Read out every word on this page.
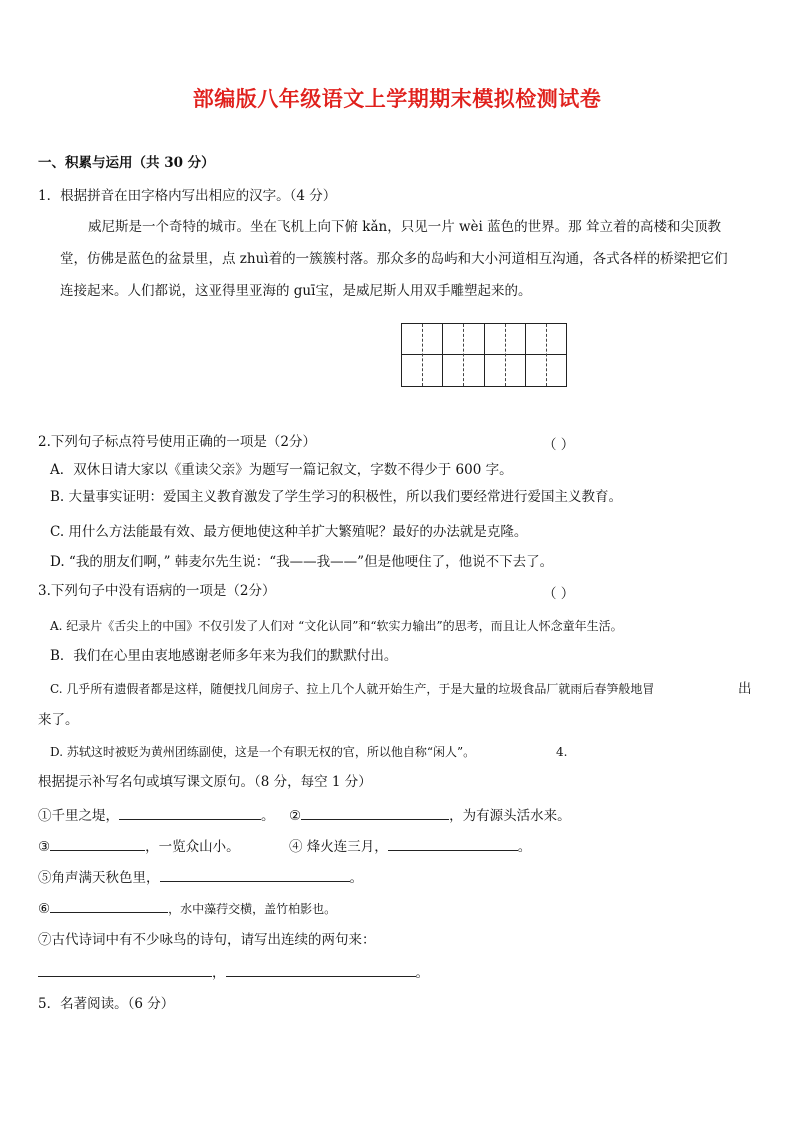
部编版八年级语文上学期期末模拟检测试卷
一、积累与运用（共 30 分）
1．根据拼音在田字格内写出相应的汉字。（4 分）
威尼斯是一个奇特的城市。坐在飞机上向下俯 kǎn，只见一片 wèi 蓝色的世界。那 耸立着的高楼和尖顶教
堂，仿佛是蓝色的盆景里，点 zhuì着的一簇簇村落。那众多的岛屿和大小河道相互沟通，各式各样的桥梁把它们
连接起来。人们都说，这亚得里亚海的 guī宝，是威尼斯人用双手雕塑起来的。
2.下列句子标点符号使用正确的一项是（2分）	（ ）
A．双休日请大家以《重读父亲》为题写一篇记叙文，字数不得少于 600 字。
B. 大量事实证明：爱国主义教育激发了学生学习的积极性，所以我们要经常进行爱国主义教育。
C. 用什么方法能最有效、最方便地使这种羊扩大繁殖呢？最好的办法就是克隆。
D. “我的朋友们啊，” 韩麦尔先生说：“我——我——”但是他哽住了，他说不下去了。
3.下列句子中没有语病的一项是（2分）	（ ）
A. 纪录片《舌尖上的中国》不仅引发了人们对 “文化认同”和“软实力输出”的思考，而且让人怀念童年生活。
B．我们在心里由衷地感谢老师多年来为我们的默默付出。
C. 几乎所有遗假者都是这样，随便找几间房子、拉上几个人就开始生产，于是大量的垃圾食品厂就雨后春笋般地冒	出
来了。
D. 苏轼这时被贬为黄州团练副使，这是一个有职无权的官，所以他自称“闲人”。	4.
根据提示补写名句或填写课文原句。（8 分，每空 1 分）
①千里之堤，	。 ②	，为有源头活水来。
③	，一览众山小。	④ 烽火连三月，	。
⑤角声满天秋色里，	。
⑥	，水中藻荇交横，盖竹柏影也。
⑦古代诗词中有不少咏鸟的诗句，请写出连续的两句来：
，	。
5．名著阅读。（6 分）
